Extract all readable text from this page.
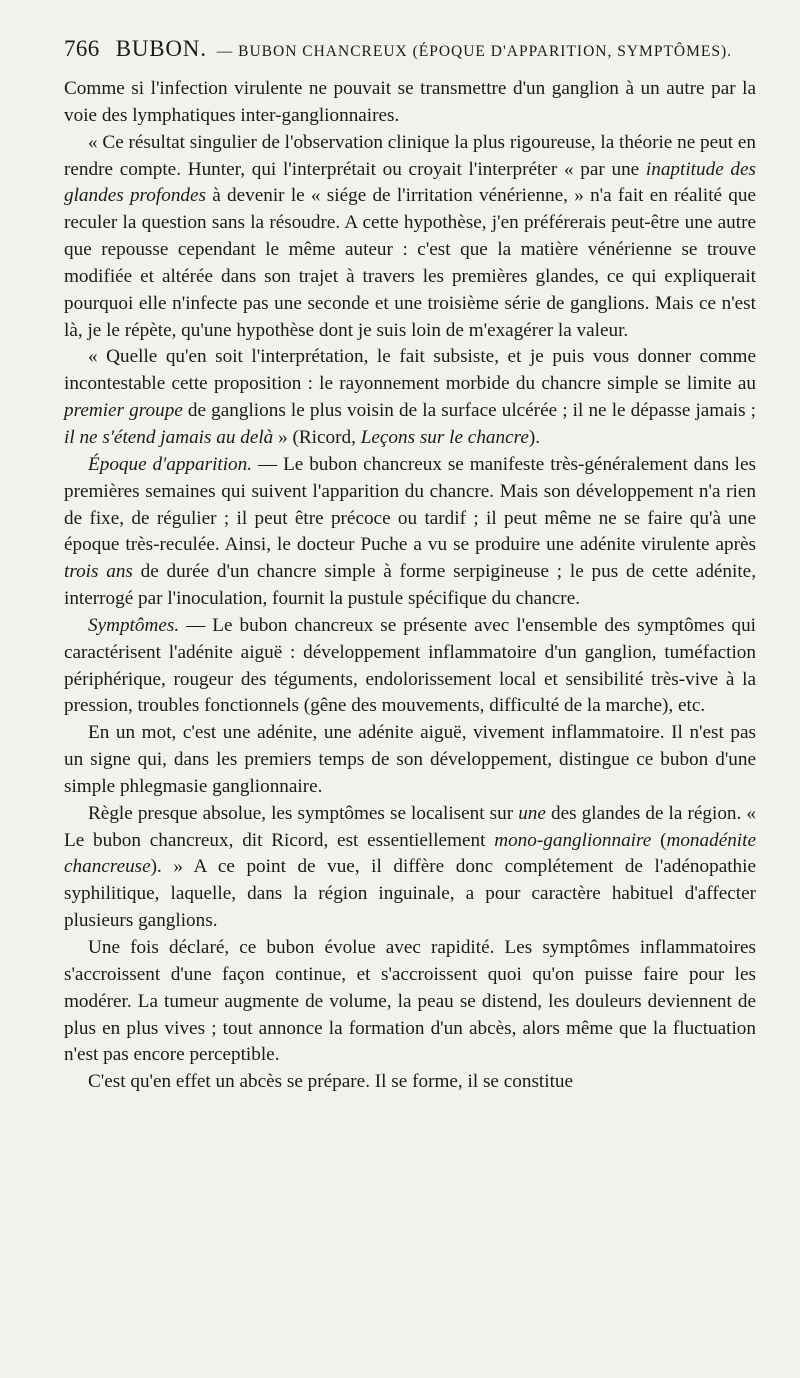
766 BUBON. — BUBON CHANCREUX (ÉPOQUE D'APPARITION, SYMPTÔMES).

Comme si l'infection virulente ne pouvait se transmettre d'un ganglion à un autre par la voie des lymphatiques inter-ganglionnaires.

« Ce résultat singulier de l'observation clinique la plus rigoureuse, la théorie ne peut en rendre compte. Hunter, qui l'interprétait ou croyait l'interpréter « par une inaptitude des glandes profondes à devenir le « siége de l'irritation vénérienne, » n'a fait en réalité que reculer la question sans la résoudre. A cette hypothèse, j'en préférerais peut-être une autre que repousse cependant le même auteur : c'est que la matière vénérienne se trouve modifiée et altérée dans son trajet à travers les premières glandes, ce qui expliquerait pourquoi elle n'infecte pas une seconde et une troisième série de ganglions. Mais ce n'est là, je le répète, qu'une hypothèse dont je suis loin de m'exagérer la valeur.

« Quelle qu'en soit l'interprétation, le fait subsiste, et je puis vous donner comme incontestable cette proposition : le rayonnement morbide du chancre simple se limite au premier groupe de ganglions le plus voisin de la surface ulcérée ; il ne le dépasse jamais ; il ne s'étend jamais au delà » (Ricord, Leçons sur le chancre).

Époque d'apparition. — Le bubon chancreux se manifeste très-généralement dans les premières semaines qui suivent l'apparition du chancre. Mais son développement n'a rien de fixe, de régulier ; il peut être précoce ou tardif ; il peut même ne se faire qu'à une époque très-reculée. Ainsi, le docteur Puche a vu se produire une adénite virulente après trois ans de durée d'un chancre simple à forme serpigineuse ; le pus de cette adénite, interrogé par l'inoculation, fournit la pustule spécifique du chancre.

Symptômes. — Le bubon chancreux se présente avec l'ensemble des symptômes qui caractérisent l'adénite aiguë : développement inflammatoire d'un ganglion, tuméfaction périphérique, rougeur des téguments, endolorissement local et sensibilité très-vive à la pression, troubles fonctionnels (gêne des mouvements, difficulté de la marche), etc.

En un mot, c'est une adénite, une adénite aiguë, vivement inflammatoire. Il n'est pas un signe qui, dans les premiers temps de son développement, distingue ce bubon d'une simple phlegmasie ganglionnaire.

Règle presque absolue, les symptômes se localisent sur une des glandes de la région. « Le bubon chancreux, dit Ricord, est essentiellement mono-ganglionnaire (monadénite chancreuse). » A ce point de vue, il diffère donc complétement de l'adénopathie syphilitique, laquelle, dans la région inguinale, a pour caractère habituel d'affecter plusieurs ganglions.

Une fois déclaré, ce bubon évolue avec rapidité. Les symptômes inflammatoires s'accroissent d'une façon continue, et s'accroissent quoi qu'on puisse faire pour les modérer. La tumeur augmente de volume, la peau se distend, les douleurs deviennent de plus en plus vives ; tout annonce la formation d'un abcès, alors même que la fluctuation n'est pas encore perceptible.

C'est qu'en effet un abcès se prépare. Il se forme, il se constitue
